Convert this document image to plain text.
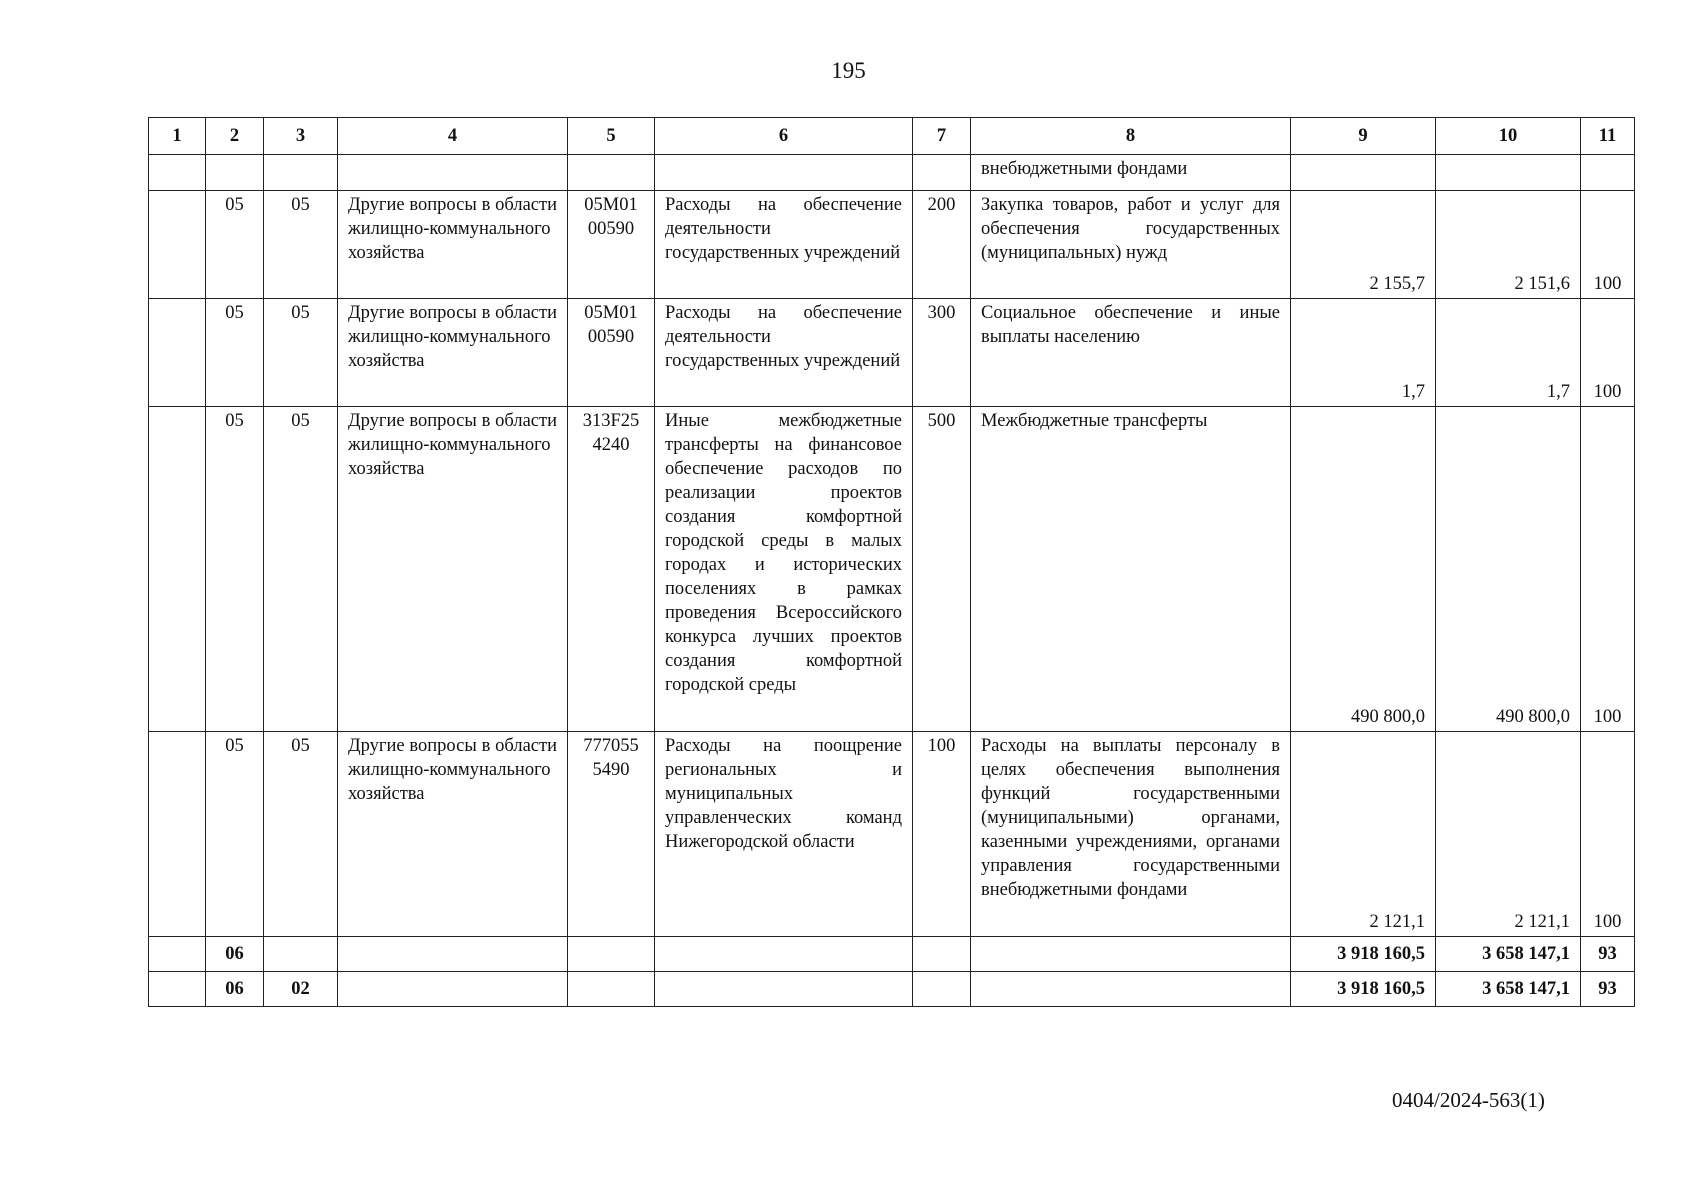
195
1	2	3	4	5	6	7	8	9	10	11
							внебюджетными фондами			
	05	05	Другие вопросы в области жилищно-коммунального хозяйства	05М01 00590	Расходы на обеспечение деятельности государственных учреждений	200	Закупка товаров, работ и услуг для обеспечения государственных (муниципальных) нужд	2 155,7	2 151,6	100
	05	05	Другие вопросы в области жилищно-коммунального хозяйства	05М01 00590	Расходы на обеспечение деятельности государственных учреждений	300	Социальное обеспечение и иные выплаты населению	1,7	1,7	100
	05	05	Другие вопросы в области жилищно-коммунального хозяйства	313F25 4240	Иные межбюджетные трансферты на финансовое обеспечение расходов по реализации проектов создания комфортной городской среды в малых городах и исторических поселениях в рамках проведения Всероссийского конкурса лучших проектов создания комфортной городской среды	500	Межбюджетные трансферты	490 800,0	490 800,0	100
	05	05	Другие вопросы в области жилищно-коммунального хозяйства	777055 5490	Расходы на поощрение региональных и муниципальных управленческих команд Нижегородской области	100	Расходы на выплаты персоналу в целях обеспечения выполнения функций государственными (муниципальными) органами, казенными учреждениями, органами управления государственными внебюджетными фондами	2 121,1	2 121,1	100
	06							3 918 160,5	3 658 147,1	93
	06	02						3 918 160,5	3 658 147,1	93
0404/2024-563(1)
